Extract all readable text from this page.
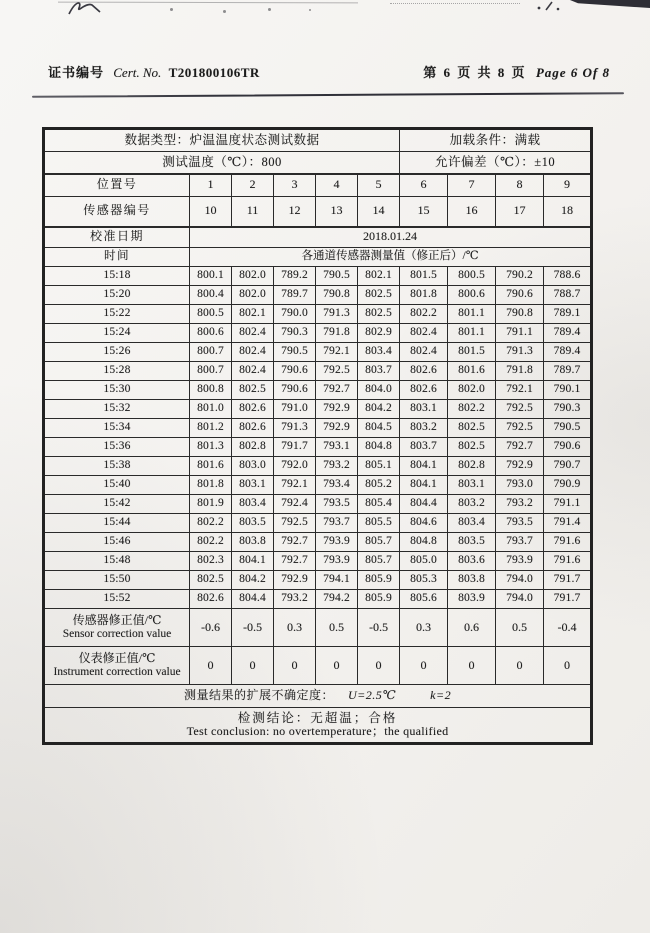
证书编号 Cert. No. T201800106TR	第 6 页 共 8 页 Page 6 Of 8
数据类型：炉温温度状态测试数据						加载条件：满载			
测试温度（℃）：800						允许偏差（℃）：±10			
位置号	1	2	3	4	5	6	7	8	9
传感器编号	10	11	12	13	14	15	16	17	18
校准日期	2018.01.24								
时间	各通道传感器测量值（修正后）/℃								
15:18	800.1	802.0	789.2	790.5	802.1	801.5	800.5	790.2	788.6
15:20	800.4	802.0	789.7	790.8	802.5	801.8	800.6	790.6	788.7
15:22	800.5	802.1	790.0	791.3	802.5	802.2	801.1	790.8	789.1
15:24	800.6	802.4	790.3	791.8	802.9	802.4	801.1	791.1	789.4
15:26	800.7	802.4	790.5	792.1	803.4	802.4	801.5	791.3	789.4
15:28	800.7	802.4	790.6	792.5	803.7	802.6	801.6	791.8	789.7
15:30	800.8	802.5	790.6	792.7	804.0	802.6	802.0	792.1	790.1
15:32	801.0	802.6	791.0	792.9	804.2	803.1	802.2	792.5	790.3
15:34	801.2	802.6	791.3	792.9	804.5	803.2	802.5	792.5	790.5
15:36	801.3	802.8	791.7	793.1	804.8	803.7	802.5	792.7	790.6
15:38	801.6	803.0	792.0	793.2	805.1	804.1	802.8	792.9	790.7
15:40	801.8	803.1	792.1	793.4	805.2	804.1	803.1	793.0	790.9
15:42	801.9	803.4	792.4	793.5	805.4	804.4	803.2	793.2	791.1
15:44	802.2	803.5	792.5	793.7	805.5	804.6	803.4	793.5	791.4
15:46	802.2	803.8	792.7	793.9	805.7	804.8	803.5	793.7	791.6
15:48	802.3	804.1	792.7	793.9	805.7	805.0	803.6	793.9	791.6
15:50	802.5	804.2	792.9	794.1	805.9	805.3	803.8	794.0	791.7
15:52	802.6	804.4	793.2	794.2	805.9	805.6	803.9	794.0	791.7

传感器修正值/℃
Sensor correction value	-0.6	-0.5	0.3	0.5	-0.5	0.3	0.6	0.5	-0.4

仪表修正值/℃
Instrument correction value	0	0	0	0	0	0	0	0	0
测量结果的扩展不确定度： U=2.5℃ k=2									

检测结论：无超温；合格
Test conclusion: no overtemperature；the qualified									
